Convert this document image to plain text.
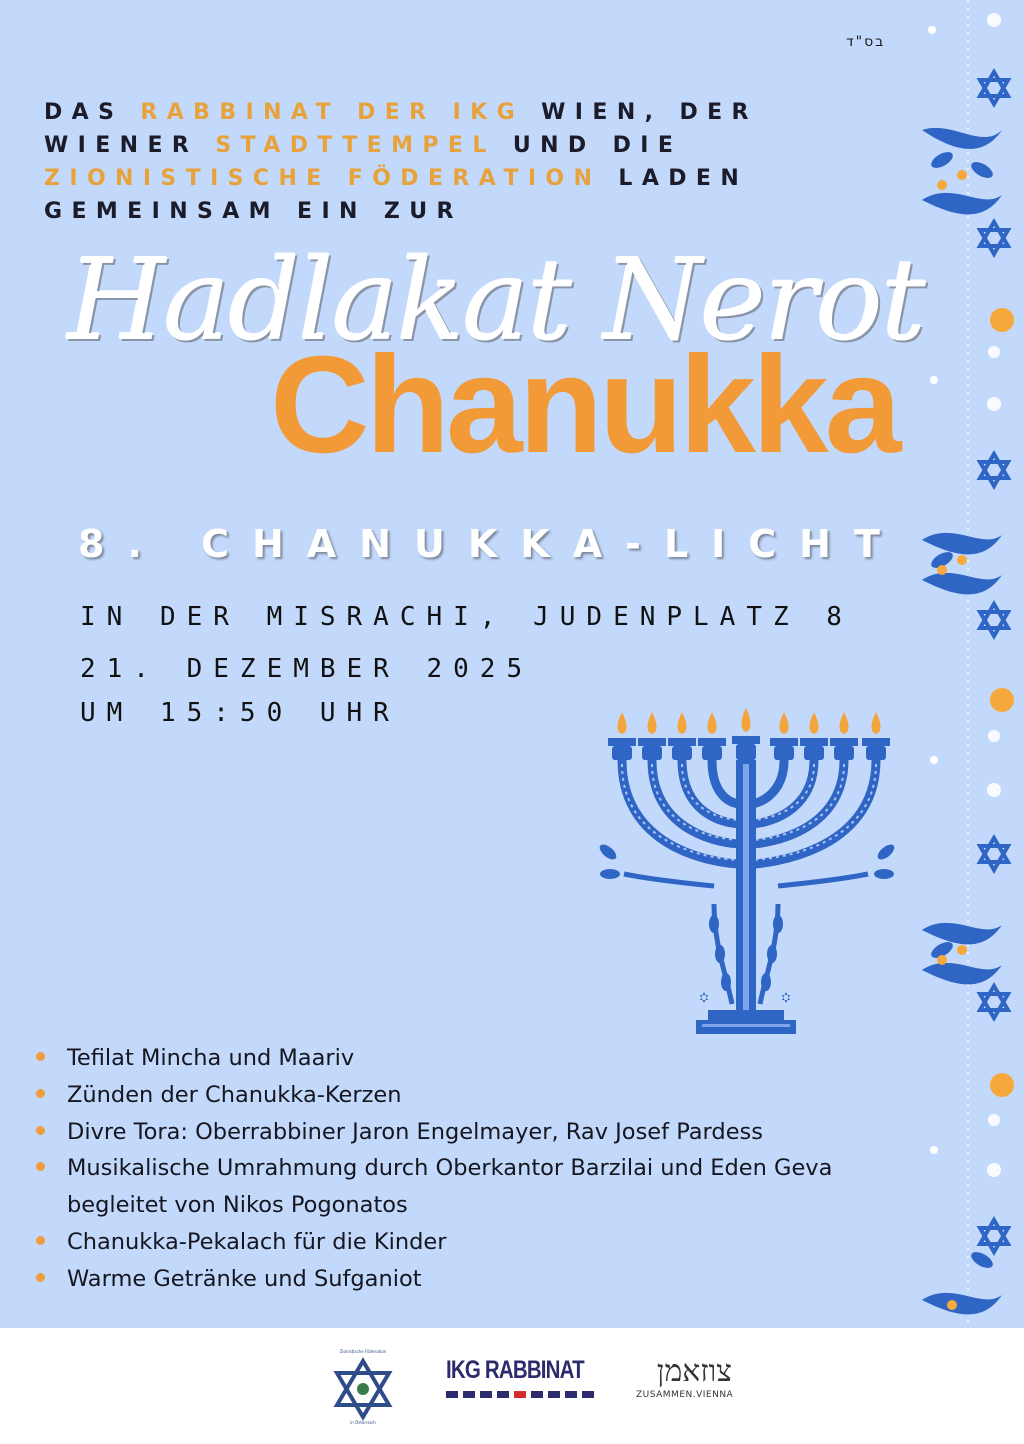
בס"ד
DAS RABBINAT DER IKG WIEN, DER WIENER STADTTEMPEL UND DIE ZIONISTISCHE FÖDERATION LADEN GEMEINSAM EIN ZUR
Hadlakat Nerot
Chanukka
8. CHANUKKA-LICHT
IN DER MISRACHI, JUDENPLATZ 8
21. DEZEMBER 2025
UM 15:50 UHR
Tefilat Mincha und Maariv
Zünden der Chanukka-Kerzen
Divre Tora: Oberrabbiner Jaron Engelmayer, Rav Josef Pardess
Musikalische Umrahmung durch Oberkantor Barzilai und Eden Geva
begleitet von Nikos Pogonatos
Chanukka-Pekalach für die Kinder
Warme Getränke und Sufganiot
Zionistische Föderation
in Österreich
IKG RABBINAT	צוזאמן
ZUSAMMEN.VIENNA
